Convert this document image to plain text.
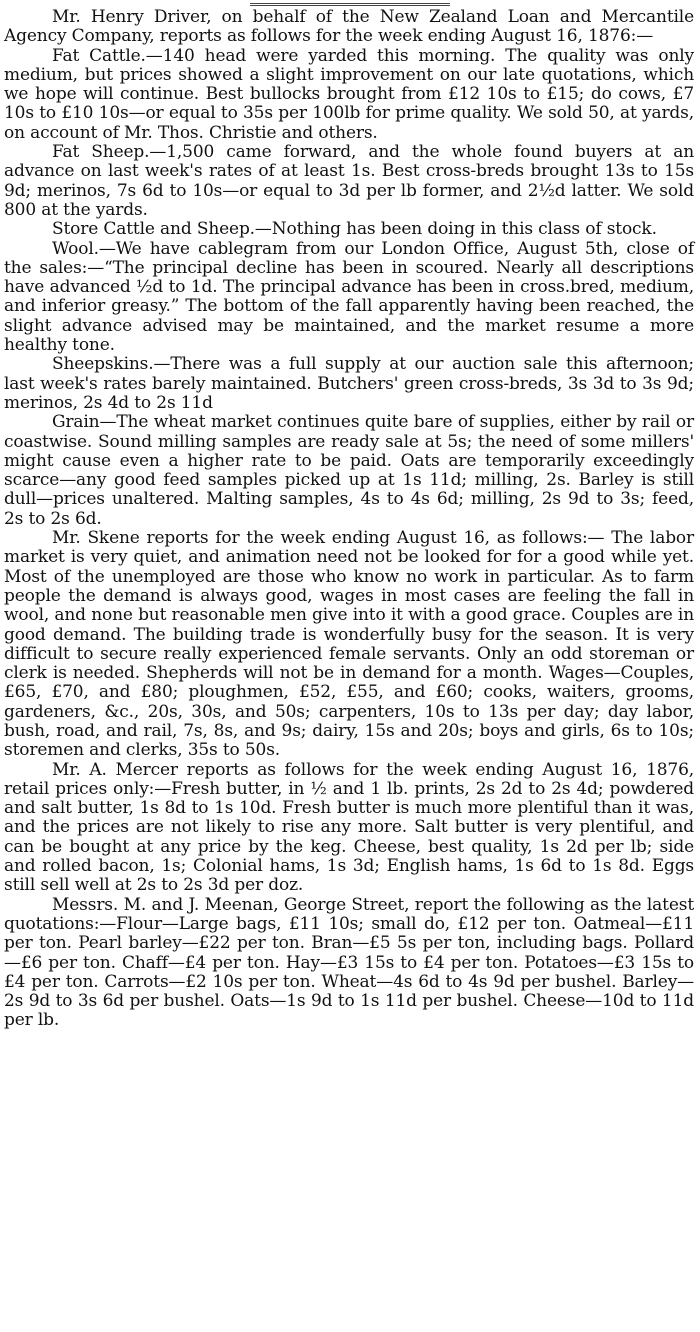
Mr. Henry Driver, on behalf of the New Zealand Loan and Mercantile Agency Company, reports as follows for the week ending August 16, 1876:—

Fat Cattle.—140 head were yarded this morning. The quality was only medium, but prices showed a slight improvement on our late quotations, which we hope will continue. Best bullocks brought from £12 10s to £15; do cows, £7 10s to £10 10s—or equal to 35s per 100lb for prime quality. We sold 50, at yards, on account of Mr. Thos. Christie and others.

Fat Sheep.—1,500 came forward, and the whole found buyers at an advance on last week's rates of at least 1s. Best cross-breds brought 13s to 15s 9d; merinos, 7s 6d to 10s—or equal to 3d per lb former, and 2½d latter. We sold 800 at the yards.

Store Cattle and Sheep.—Nothing has been doing in this class of stock.

Wool.—We have cablegram from our London Office, August 5th, close of the sales:—“The principal decline has been in scoured. Nearly all descriptions have advanced ½d to 1d. The principal advance has been in cross.bred, medium, and inferior greasy.” The bottom of the fall apparently having been reached, the slight advance advised may be maintained, and the market resume a more healthy tone.

Sheepskins.—There was a full supply at our auction sale this afternoon; last week's rates barely maintained. Butchers' green cross-breds, 3s 3d to 3s 9d; merinos, 2s 4d to 2s 11d

Grain—The wheat market continues quite bare of supplies, either by rail or coastwise. Sound milling samples are ready sale at 5s; the need of some millers' might cause even a higher rate to be paid. Oats are temporarily exceedingly scarce—any good feed samples picked up at 1s 11d; milling, 2s. Barley is still dull—prices unaltered. Malting samples, 4s to 4s 6d; milling, 2s 9d to 3s; feed, 2s to 2s 6d.

Mr. Skene reports for the week ending August 16, as follows:— The labor market is very quiet, and animation need not be looked for for a good while yet. Most of the unemployed are those who know no work in particular. As to farm people the demand is always good, wages in most cases are feeling the fall in wool, and none but reasonable men give into it with a good grace. Couples are in good demand. The building trade is wonderfully busy for the season. It is very difficult to secure really experienced female servants. Only an odd storeman or clerk is needed. Shepherds will not be in demand for a month. Wages—Couples, £65, £70, and £80; ploughmen, £52, £55, and £60; cooks, waiters, grooms, gardeners, &c., 20s, 30s, and 50s; carpenters, 10s to 13s per day; day labor, bush, road, and rail, 7s, 8s, and 9s; dairy, 15s and 20s; boys and girls, 6s to 10s; storemen and clerks, 35s to 50s.

Mr. A. Mercer reports as follows for the week ending August 16, 1876, retail prices only:—Fresh butter, in ½ and 1 lb. prints, 2s 2d to 2s 4d; powdered and salt butter, 1s 8d to 1s 10d. Fresh butter is much more plentiful than it was, and the prices are not likely to rise any more. Salt butter is very plentiful, and can be bought at any price by the keg. Cheese, best quality, 1s 2d per lb; side and rolled bacon, 1s; Colonial hams, 1s 3d; English hams, 1s 6d to 1s 8d. Eggs still sell well at 2s to 2s 3d per doz.

Messrs. M. and J. Meenan, George Street, report the following as the latest quotations:—Flour—Large bags, £11 10s; small do, £12 per ton. Oatmeal—£11 per ton. Pearl barley—£22 per ton. Bran—£5 5s per ton, including bags. Pollard—£6 per ton. Chaff—£4 per ton. Hay—£3 15s to £4 per ton. Potatoes—£3 15s to £4 per ton. Carrots—£2 10s per ton. Wheat—4s 6d to 4s 9d per bushel. Barley—2s 9d to 3s 6d per bushel. Oats—1s 9d to 1s 11d per bushel. Cheese—10d to 11d per lb.
